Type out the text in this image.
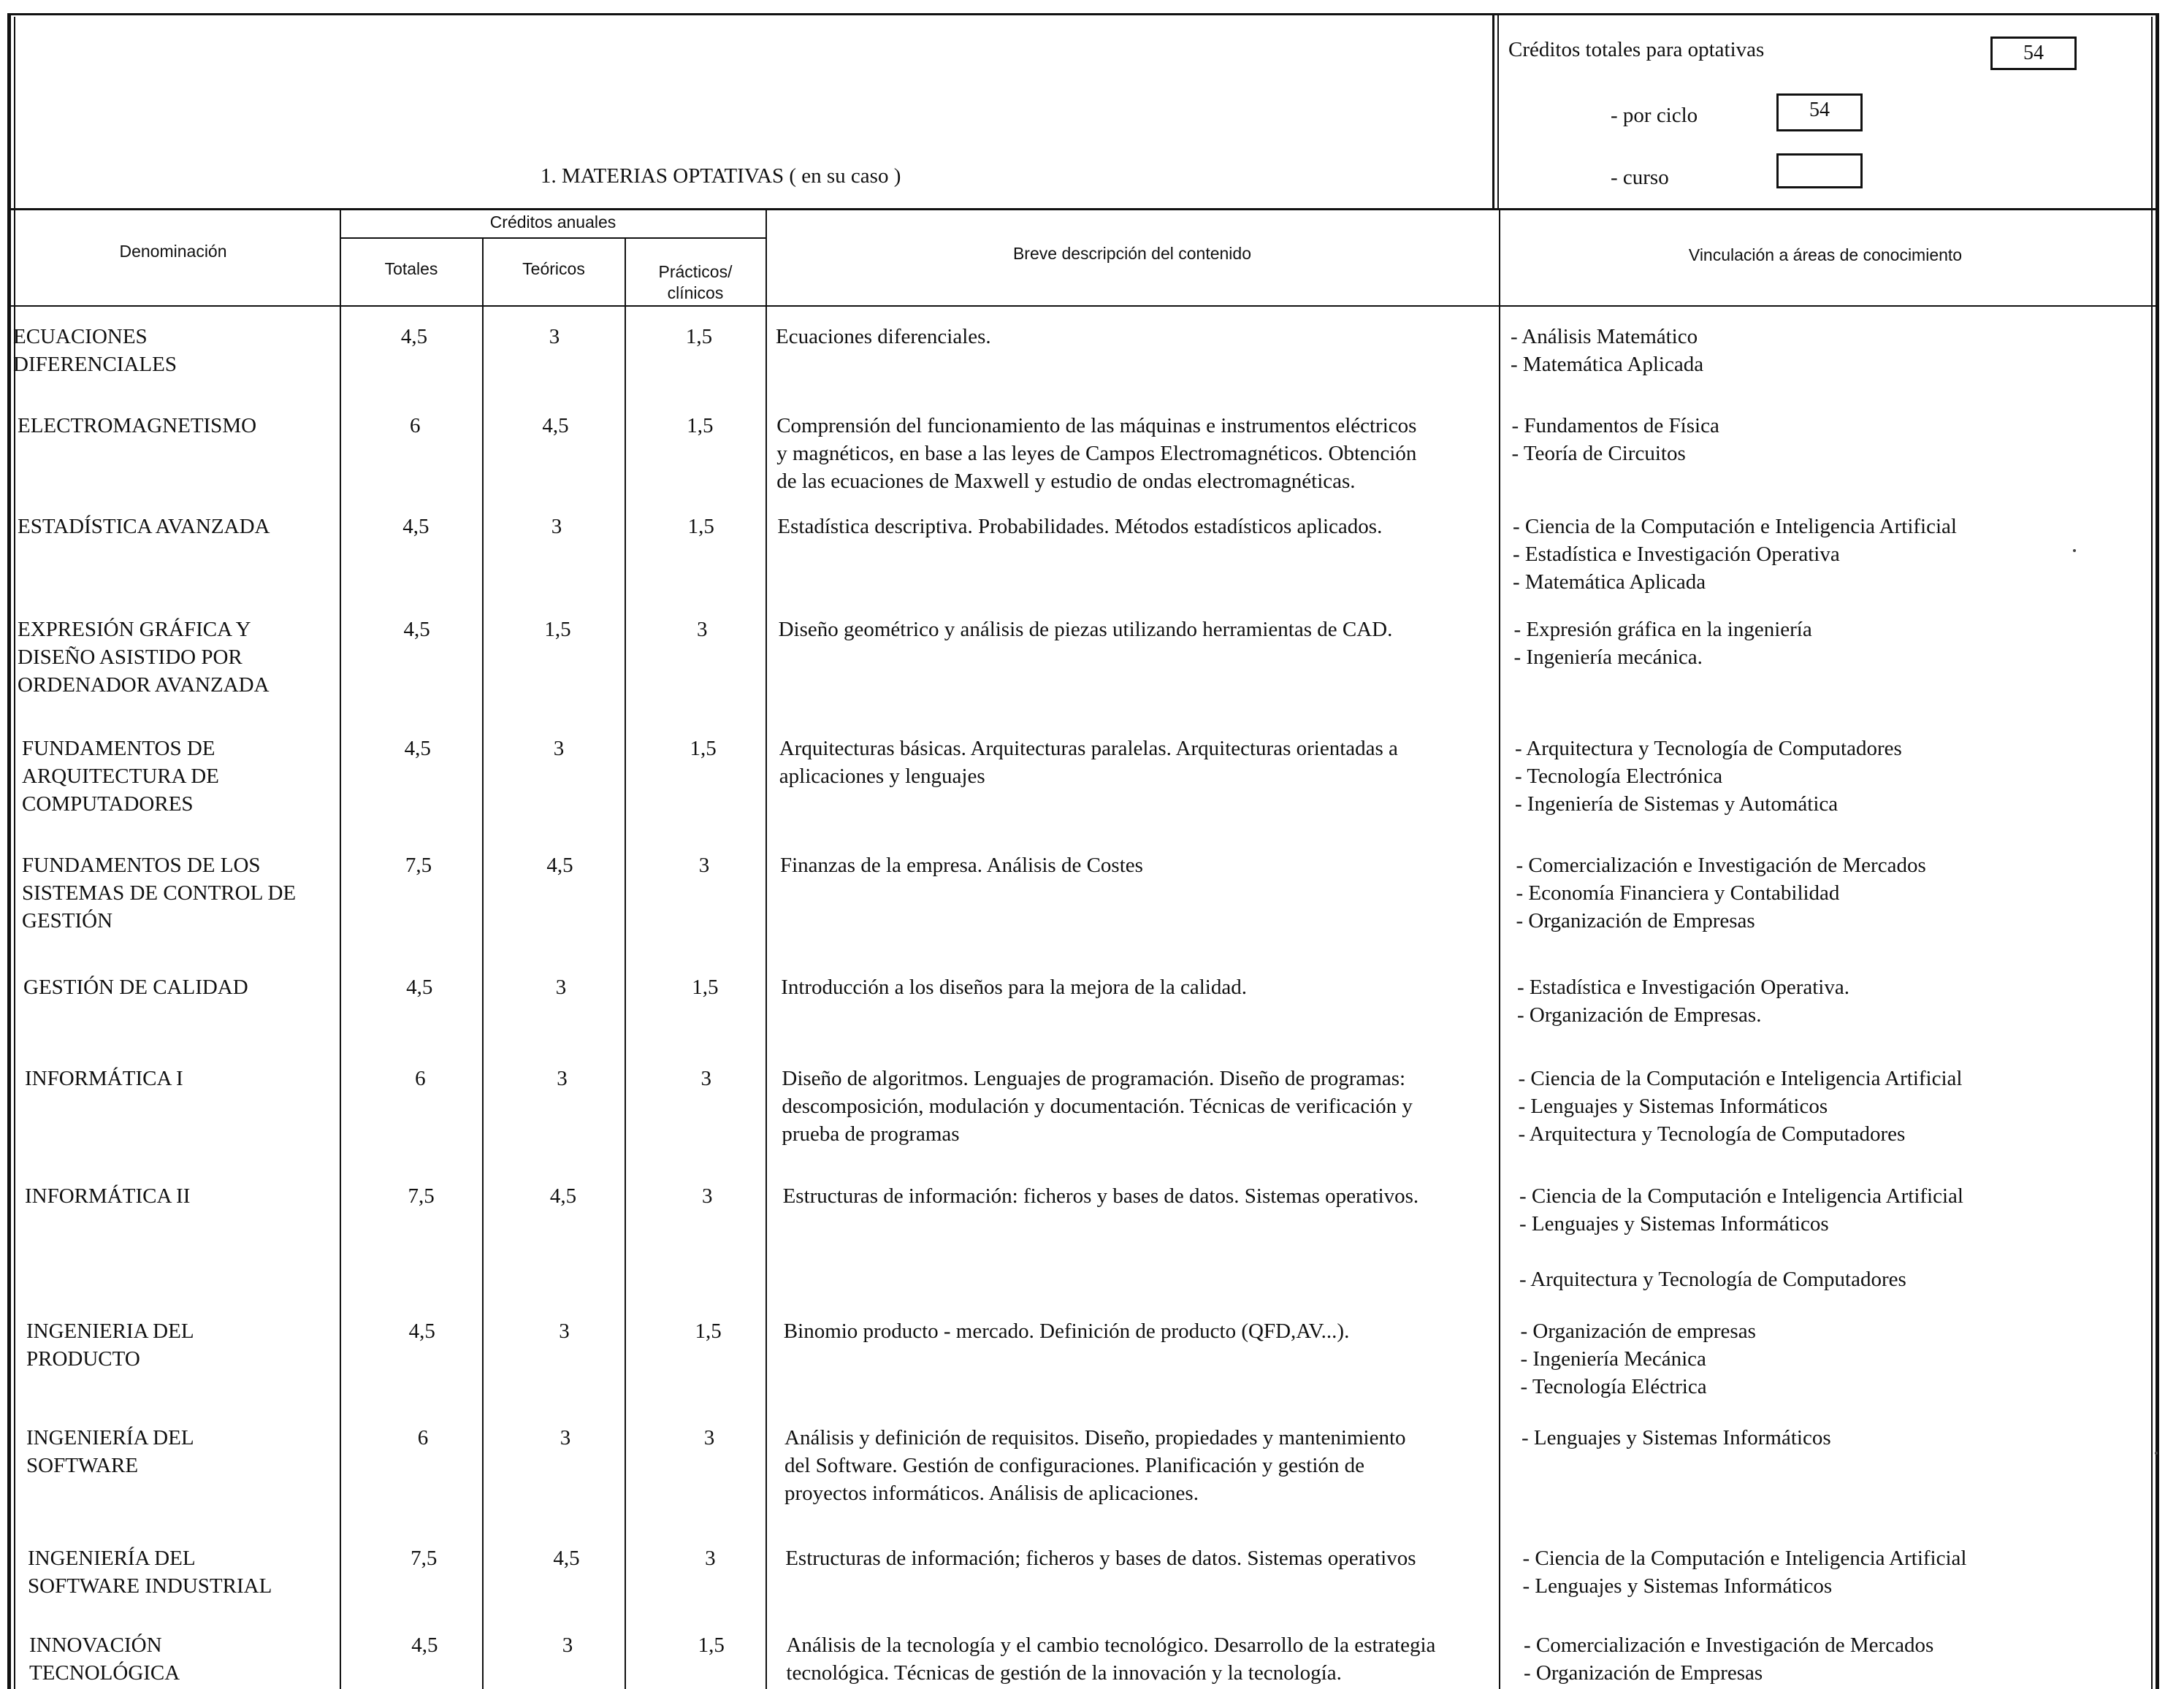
1. MATERIAS OPTATIVAS ( en su caso )
Créditos totales para optativas	54
- por ciclo	54
- curso
Denominación
Créditos anuales
Totales	Teóricos	Prácticos/
clínicos
Breve descripción del contenido	Vinculación a áreas de conocimiento
ECUACIONES
DIFERENCIALES
4,5	3	1,5	Ecuaciones diferenciales.	- Análisis Matemático
- Matemática Aplicada
ELECTROMAGNETISMO	6	4,5	1,5	Comprensión del funcionamiento de las máquinas e instrumentos eléctricos
y magnéticos, en base a las leyes de Campos Electromagnéticos. Obtención
de las ecuaciones de Maxwell y estudio de ondas electromagnéticas.
- Fundamentos de Física
- Teoría de Circuitos
ESTADÍSTICA AVANZADA	4,5	3	1,5	Estadística descriptiva. Probabilidades. Métodos estadísticos aplicados.	- Ciencia de la Computación e Inteligencia Artificial
- Estadística e Investigación Operativa
- Matemática Aplicada
EXPRESIÓN GRÁFICA Y
DISEÑO ASISTIDO POR
ORDENADOR AVANZADA
4,5	1,5	3	Diseño geométrico y análisis de piezas utilizando herramientas de CAD.	- Expresión gráfica en la ingeniería
- Ingeniería mecánica.
FUNDAMENTOS DE
ARQUITECTURA DE
COMPUTADORES
4,5	3	1,5	Arquitecturas básicas. Arquitecturas paralelas. Arquitecturas orientadas a
aplicaciones y lenguajes
- Arquitectura y Tecnología de Computadores
- Tecnología Electrónica
- Ingeniería de Sistemas y Automática
FUNDAMENTOS DE LOS
SISTEMAS DE CONTROL DE
GESTIÓN
7,5	4,5	3	Finanzas de la empresa. Análisis de Costes	- Comercialización e Investigación de Mercados
- Economía Financiera y Contabilidad
- Organización de Empresas
GESTIÓN DE CALIDAD	4,5	3	1,5	Introducción a los diseños para la mejora de la calidad.	- Estadística e Investigación Operativa.
- Organización de Empresas.
INFORMÁTICA I	6	3	3	Diseño de algoritmos. Lenguajes de programación. Diseño de programas:
descomposición, modulación y documentación. Técnicas de verificación y
prueba de programas
- Ciencia de la Computación e Inteligencia Artificial
- Lenguajes y Sistemas Informáticos
- Arquitectura y Tecnología de Computadores
INFORMÁTICA II	7,5	4,5	3	Estructuras de información: ficheros y bases de datos. Sistemas operativos.	- Ciencia de la Computación e Inteligencia Artificial
- Lenguajes y Sistemas Informáticos
- Arquitectura y Tecnología de Computadores
INGENIERIA DEL
PRODUCTO
4,5	3	1,5	Binomio producto - mercado. Definición de producto (QFD,AV...).	- Organización de empresas
- Ingeniería Mecánica
- Tecnología Eléctrica
INGENIERÍA DEL
SOFTWARE
6	3	3	Análisis y definición de requisitos. Diseño, propiedades y mantenimiento
del Software. Gestión de configuraciones. Planificación y gestión de
proyectos informáticos. Análisis de aplicaciones.
- Lenguajes y Sistemas Informáticos
INGENIERÍA DEL
SOFTWARE INDUSTRIAL
7,5	4,5	3	Estructuras de información; ficheros y bases de datos. Sistemas operativos	- Ciencia de la Computación e Inteligencia Artificial
- Lenguajes y Sistemas Informáticos
INNOVACIÓN
TECNOLÓGICA
4,5	3	1,5	Análisis de la tecnología y el cambio tecnológico. Desarrollo de la estrategia
tecnológica. Técnicas de gestión de la innovación y la tecnología.
- Comercialización e Investigación de Mercados
- Organización de Empresas
